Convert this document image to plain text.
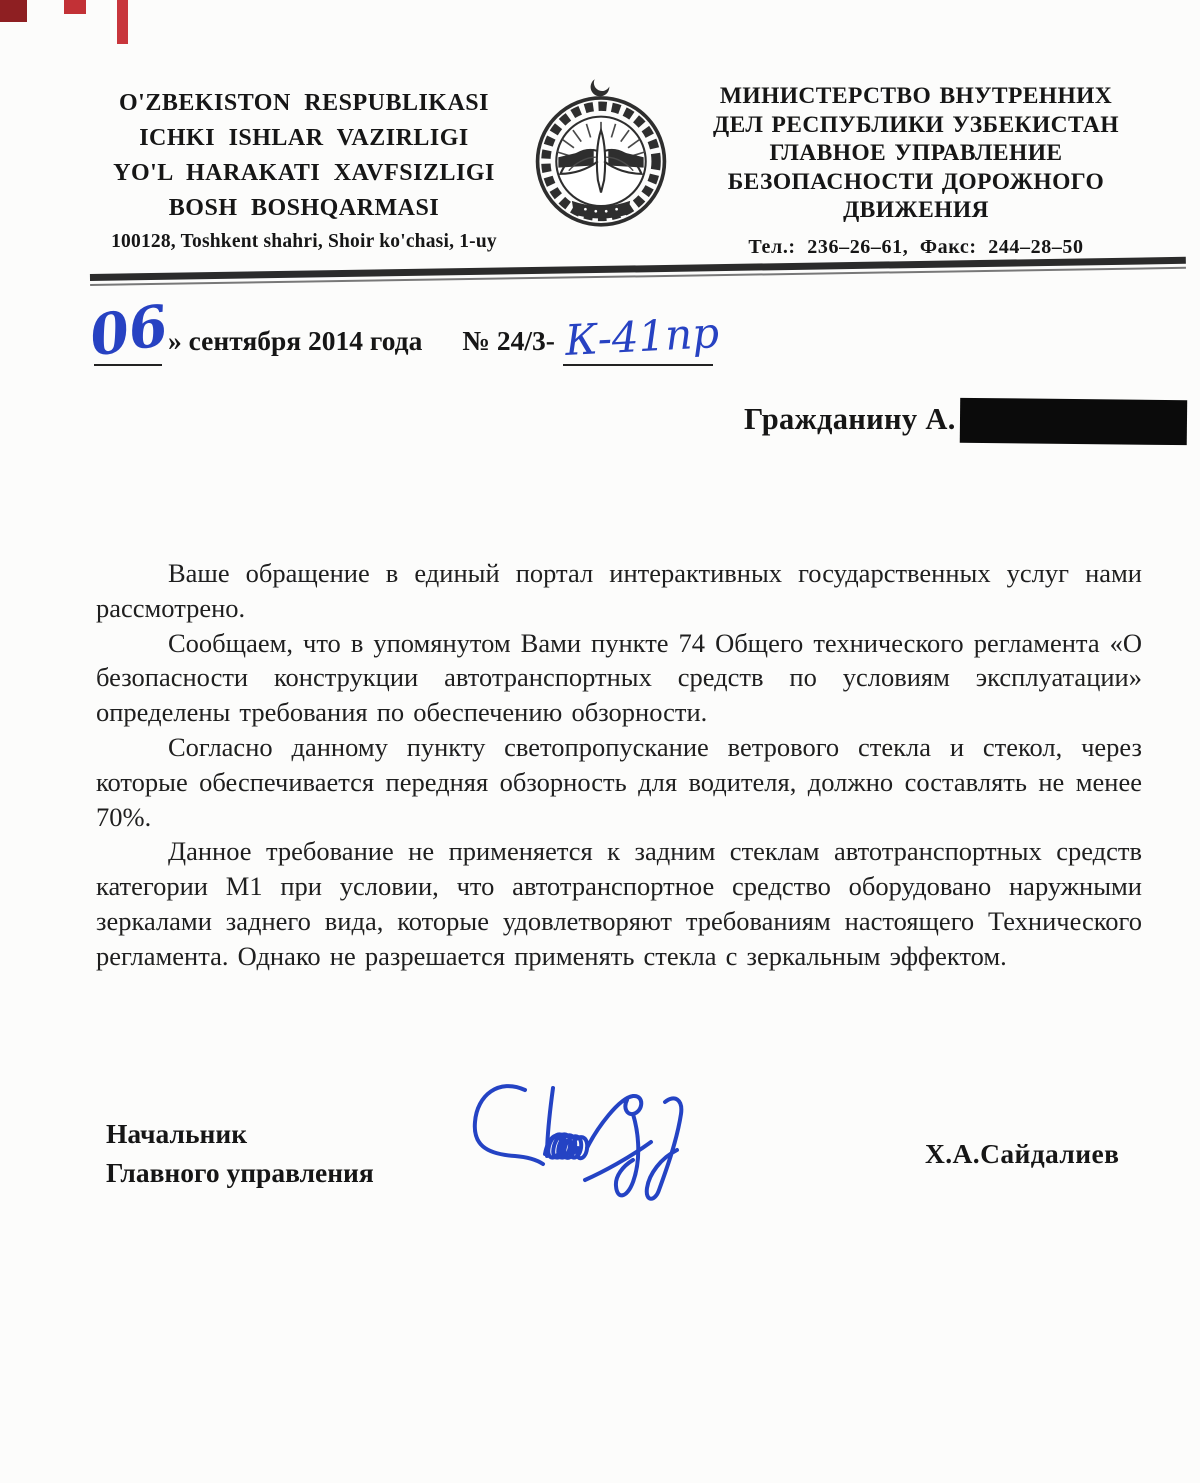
O'ZBEKISTON RESPUBLIKASI
ICHKI ISHLAR VAZIRLIGI
YO'L HARAKATI XAVFSIZLIGI
BOSH BOSHQARMASI
100128, Toshkent shahri, Shoir ko'chasi, 1-uy
МИНИСТЕРСТВО ВНУТРЕННИХ
ДЕЛ РЕСПУБЛИКИ УЗБЕКИСТАН
ГЛАВНОЕ УПРАВЛЕНИЕ
БЕЗОПАСНОСТИ ДОРОЖНОГО
ДВИЖЕНИЯ
Тел.: 236–26–61, Факс: 244–28–50
06
» сентября 2014 года № 24/3- К-41пр
Гражданину А.

Ваше обращение в единый портал интерактивных государственных услуг нами рассмотрено.

Сообщаем, что в упомянутом Вами пункте 74 Общего технического регламента «О безопасности конструкции автотранспортных средств по условиям эксплуатации» определены требования по обеспечению обзорности.

Согласно данному пункту светопропускание ветрового стекла и стекол, через которые обеспечивается передняя обзорность для водителя, должно составлять не менее 70%.

Данное требование не применяется к задним стеклам автотранспортных средств категории М1 при условии, что автотранспортное средство оборудовано наружными зеркалами заднего вида, которые удовлетворяют требованиям настоящего Технического регламента. Однако не разрешается применять стекла с зеркальным эффектом.

Начальник
Главного управления
Х.А.Сайдалиев
